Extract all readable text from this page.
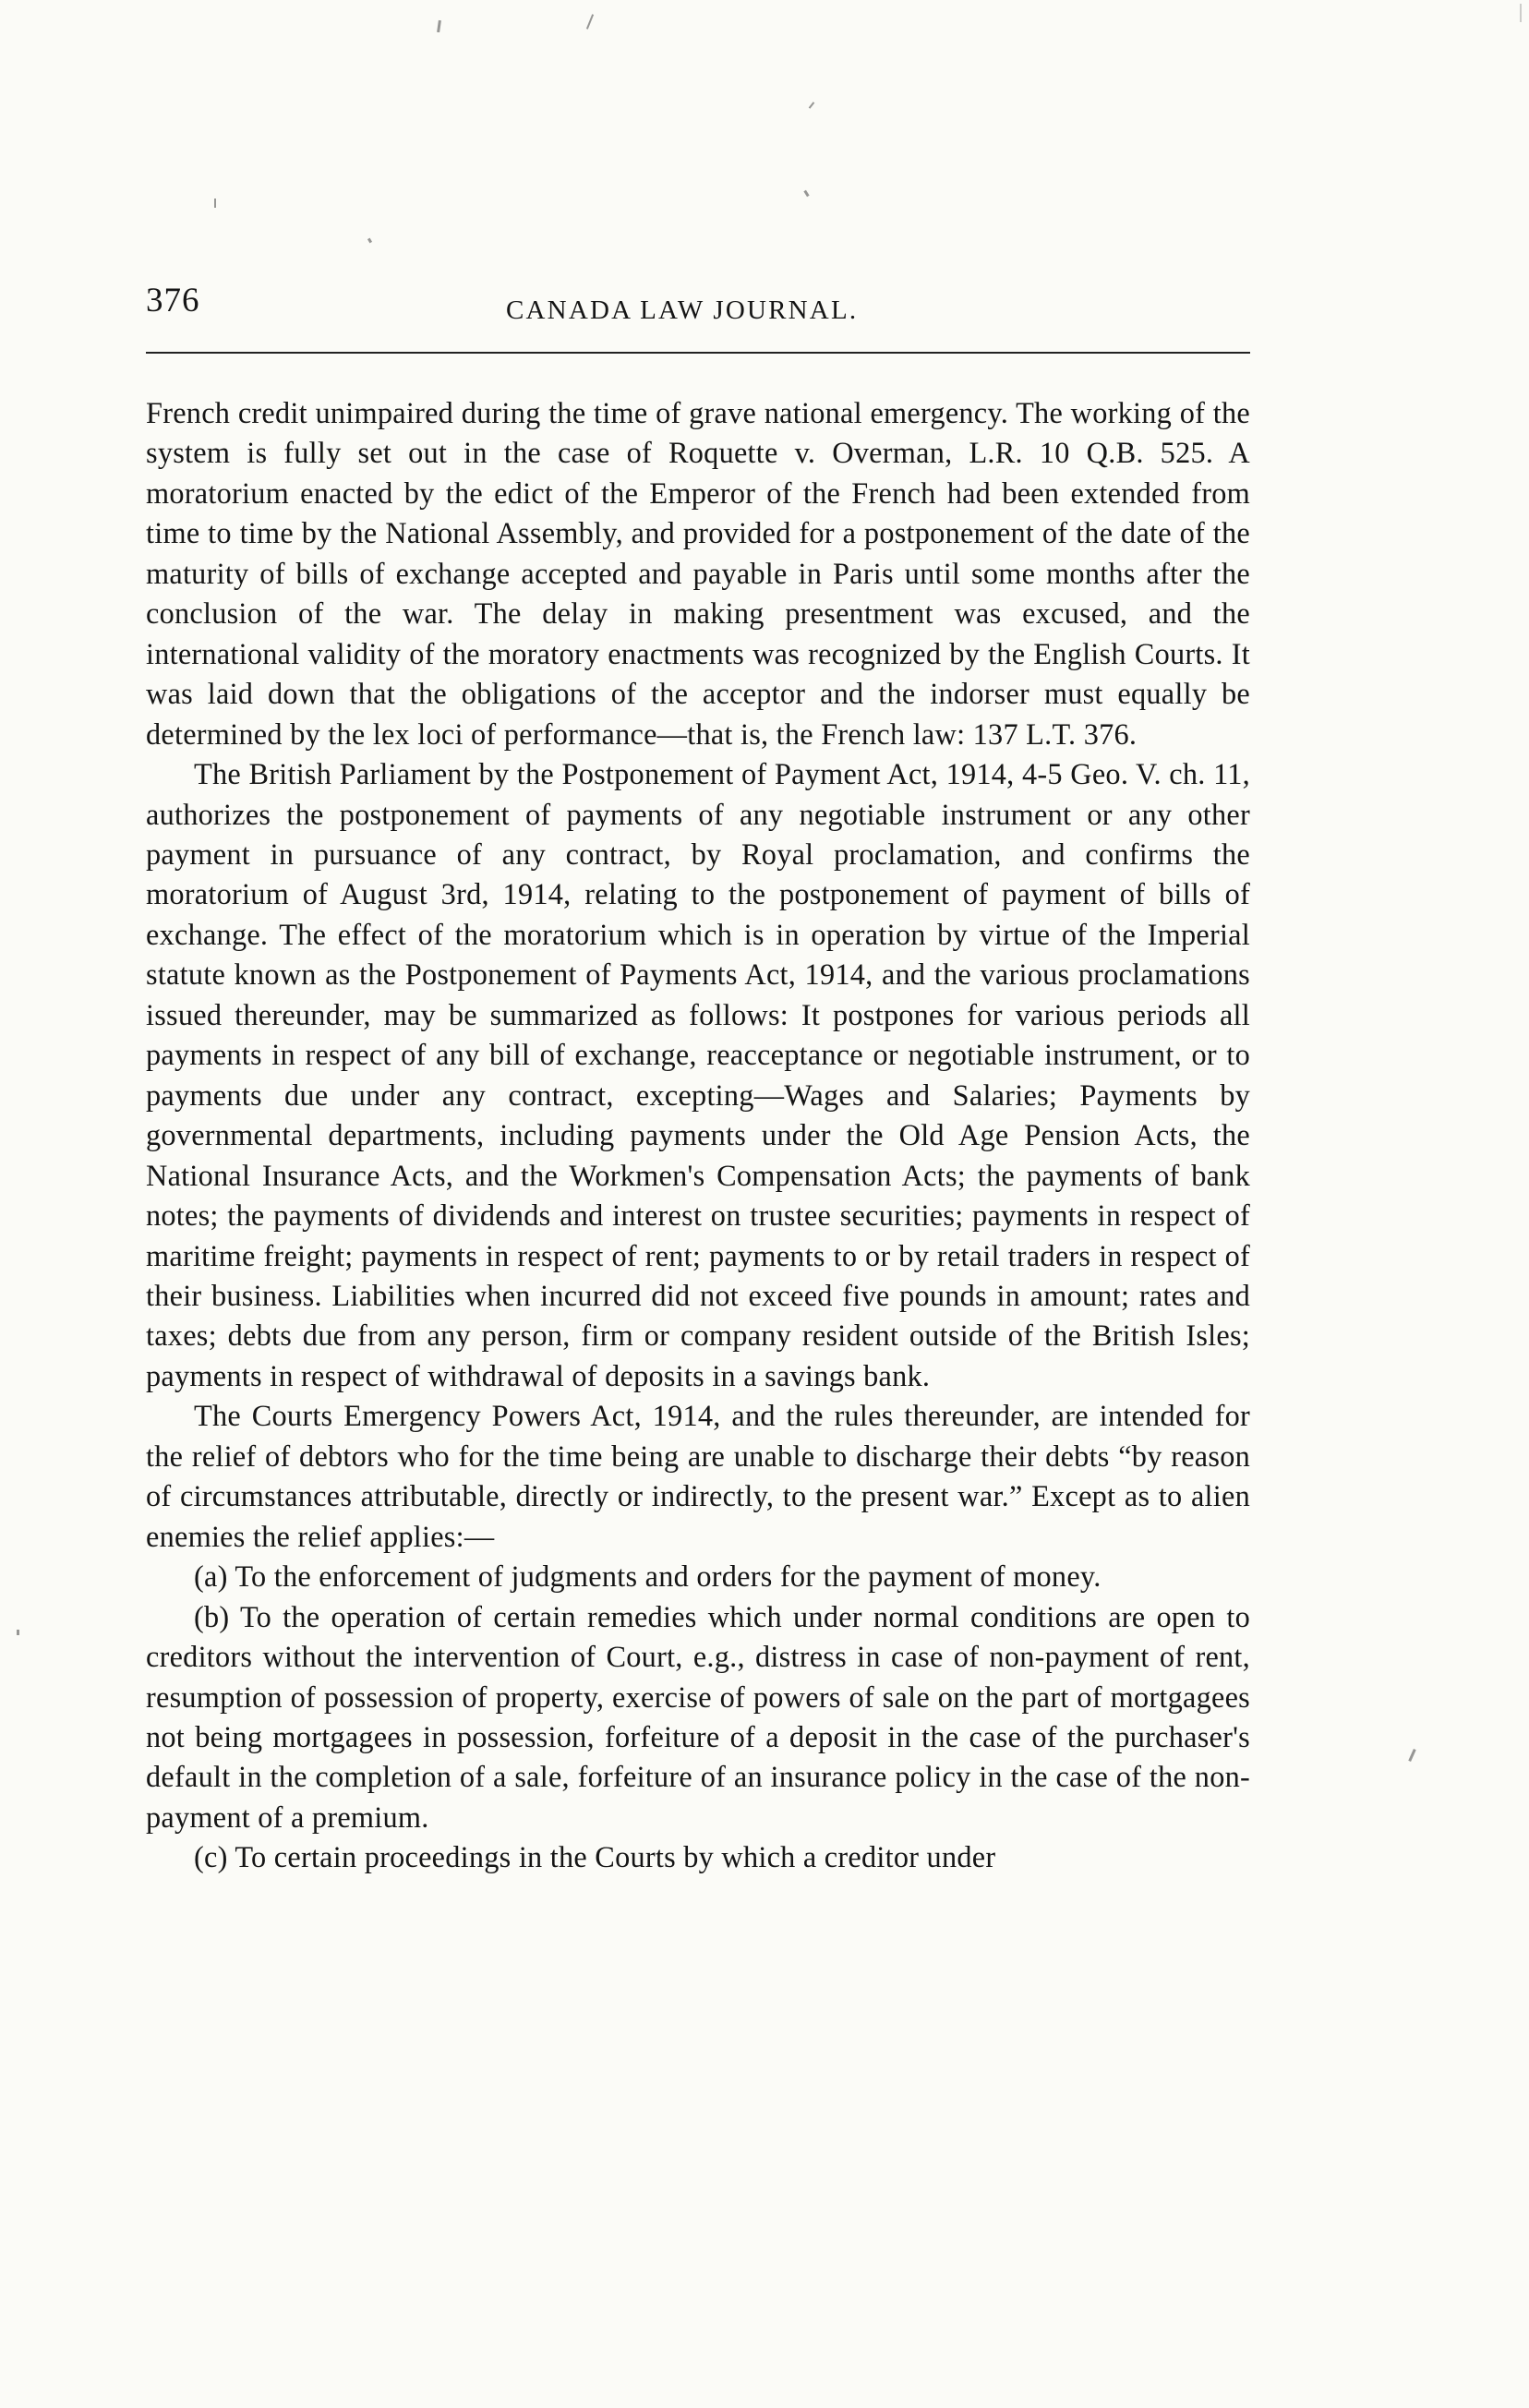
376	CANADA LAW JOURNAL.

French credit unimpaired during the time of grave national emergency. The working of the system is fully set out in the case of Roquette v. Overman, L.R. 10 Q.B. 525. A moratorium enacted by the edict of the Emperor of the French had been extended from time to time by the National Assembly, and provided for a postponement of the date of the maturity of bills of exchange accepted and payable in Paris until some months after the conclusion of the war. The delay in making presentment was excused, and the international validity of the moratory enactments was recognized by the English Courts. It was laid down that the obligations of the acceptor and the indorser must equally be determined by the lex loci of performance—that is, the French law: 137 L.T. 376.

The British Parliament by the Postponement of Payment Act, 1914, 4-5 Geo. V. ch. 11, authorizes the postponement of payments of any negotiable instrument or any other payment in pursuance of any contract, by Royal proclamation, and confirms the moratorium of August 3rd, 1914, relating to the postponement of payment of bills of exchange. The effect of the moratorium which is in operation by virtue of the Imperial statute known as the Postponement of Payments Act, 1914, and the various proclamations issued thereunder, may be summarized as follows: It postpones for various periods all payments in respect of any bill of exchange, reacceptance or negotiable instrument, or to payments due under any contract, excepting—Wages and Salaries; Payments by governmental departments, including payments under the Old Age Pension Acts, the National Insurance Acts, and the Workmen's Compensation Acts; the payments of bank notes; the payments of dividends and interest on trustee securities; payments in respect of maritime freight; payments in respect of rent; payments to or by retail traders in respect of their business. Liabilities when incurred did not exceed five pounds in amount; rates and taxes; debts due from any person, firm or company resident outside of the British Isles; payments in respect of withdrawal of deposits in a savings bank.

The Courts Emergency Powers Act, 1914, and the rules thereunder, are intended for the relief of debtors who for the time being are unable to discharge their debts “by reason of circumstances attributable, directly or indirectly, to the present war.” Except as to alien enemies the relief applies:—

(a) To the enforcement of judgments and orders for the payment of money.

(b) To the operation of certain remedies which under normal conditions are open to creditors without the intervention of Court, e.g., distress in case of non-payment of rent, resumption of possession of property, exercise of powers of sale on the part of mortgagees not being mortgagees in possession, forfeiture of a deposit in the case of the purchaser's default in the completion of a sale, forfeiture of an insurance policy in the case of the non-payment of a premium.

(c) To certain proceedings in the Courts by which a creditor under
